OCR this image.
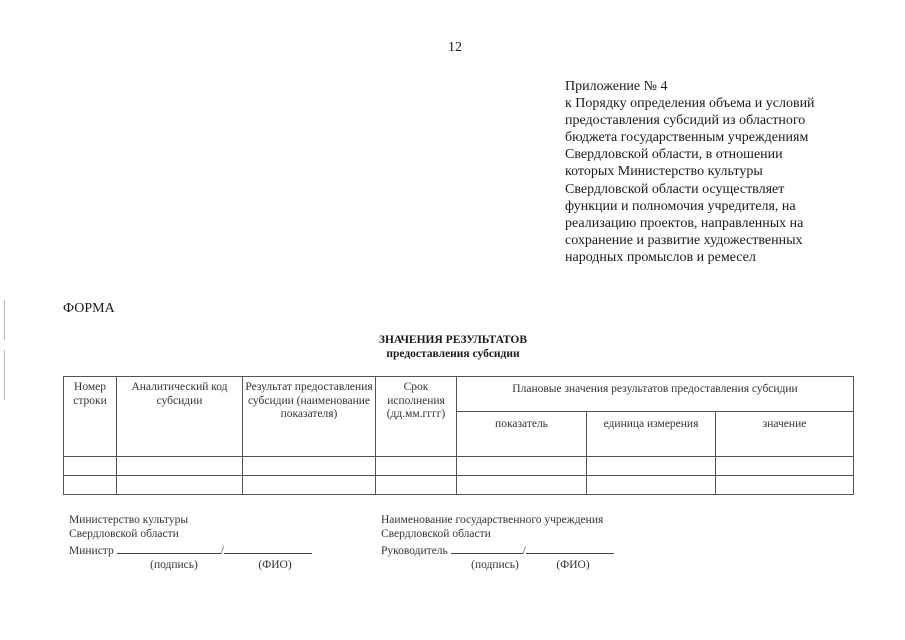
12
Приложение № 4
к Порядку определения объема и условий
предоставления субсидий из областного
бюджета государственным учреждениям
Свердловской области, в отношении
которых Министерство культуры
Свердловской области осуществляет
функции и полномочия учредителя, на
реализацию проектов, направленных на
сохранение и развитие художественных
народных промыслов и ремесел
ФОРМА
ЗНАЧЕНИЯ РЕЗУЛЬТАТОВ
предоставления субсидии
Номер строки	Аналитический код субсидии	Результат предоставления субсидии (наименование показателя)	Срок исполнения (дд.мм.гггг)	Плановые значения результатов предоставления субсидии		
				показатель	единица измерения	значение

Министерство культуры
Свердловской области
Министр	/
(подпись)	(ФИО)
Наименование государственного учреждения
Свердловской области
Руководитель	/
(подпись)	(ФИО)
